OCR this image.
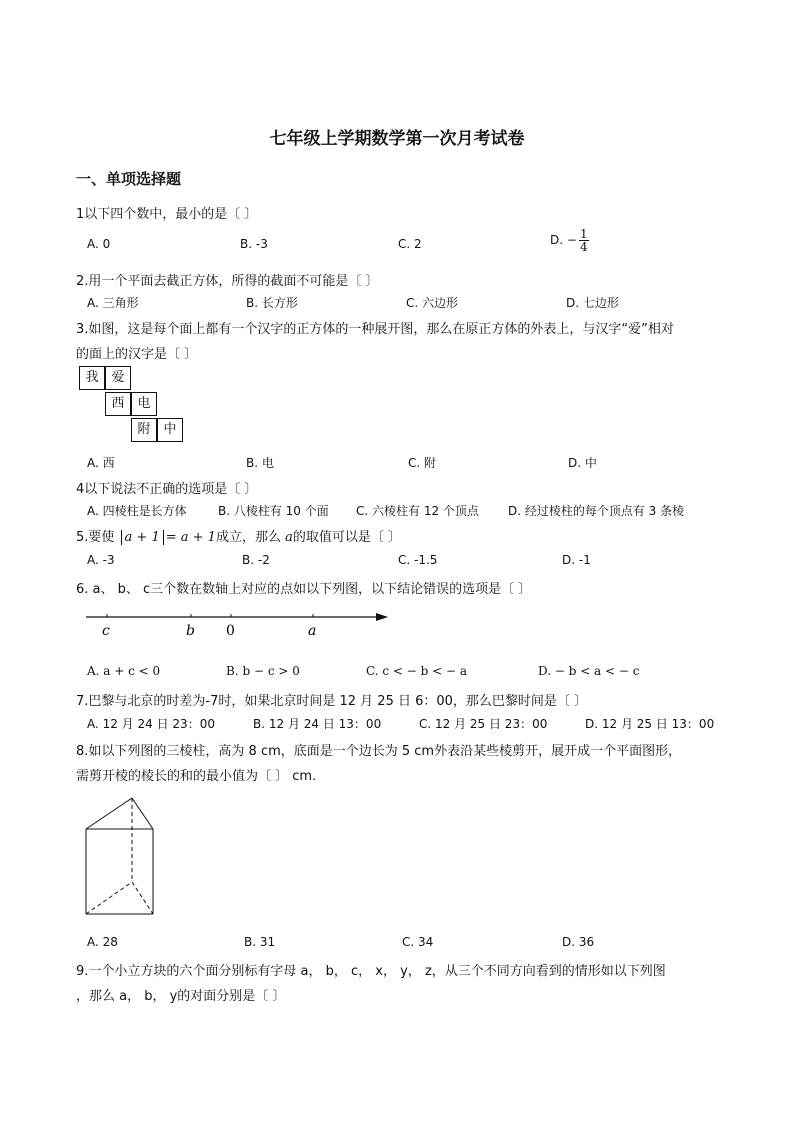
七年级上学期数学第一次月考试卷
一、单项选择题
1以下四个数中，最小的是〔 〕
A. 0	B. -3	C. 2	D. − $\frac{1}{4}$
2.用一个平面去截正方体，所得的截面不可能是〔 〕
A. 三角形	B. 长方形	C. 六边形	D. 七边形
3.如图，这是每个面上都有一个汉字的正方体的一种展开图，那么在原正方体的外表上，与汉字“爱”相对
的面上的汉字是〔 〕
我 爱
西 电
附 中
A. 西	B. 电	C. 附	D. 中
4以下说法不正确的选项是〔 〕
A. 四棱柱是长方体	B. 八棱柱有 10 个面 C. 六棱柱有 12 个顶点 D. 经过棱柱的每个顶点有 3 条棱
5.要使 a + 1 = a + 1成立，那么 a的取值可以是〔 〕
A. -3	B. -2	C. -1.5	D. -1
6. a、 b、 c三个数在数轴上对应的点如以下列图，以下结论错误的选项是〔 〕
c	b 0	a
A. a + c < 0	B. b − c > 0	C. c < − b < − a	D. − b < a < − c
7.巴黎与北京的时差为-7时，如果北京时间是 12 月 25 日 6：00，那么巴黎时间是〔 〕
A. 12 月 24 日 23：00	B. 12 月 24 日 13：00	C. 12 月 25 日 23：00	D. 12 月 25 日 13：00
8.如以下列图的三棱柱，高为 8 cm，底面是一个边长为 5 cm外表沿某些棱剪开，展开成一个平面图形，
需剪开棱的棱长的和的最小值为〔 〕 cm.
A. 28	B. 31	C. 34	D. 36
9.一个小立方块的六个面分别标有字母 a， b， c， x， y， z，从三个不同方向看到的情形如以下列图
，那么 a， b， y的对面分别是〔 〕
